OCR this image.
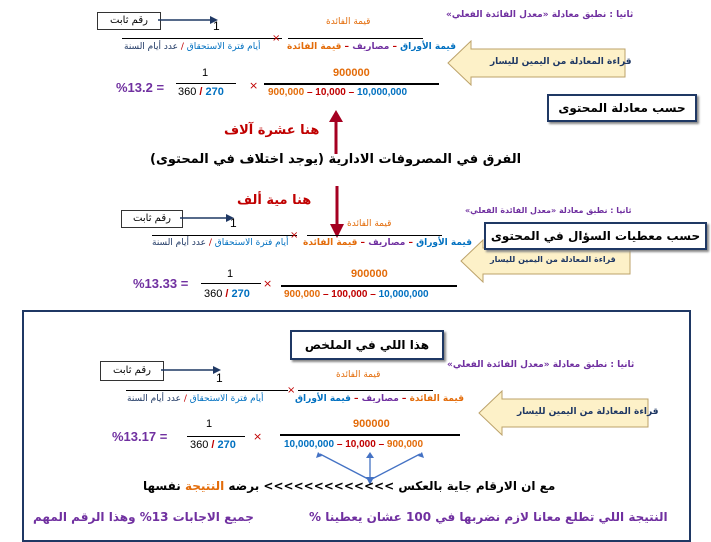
ثانيا : نطبق معادلة «معدل الفائدة الفعلي»
رقم ثابت	1
أيام فترة الاستحقاق / عدد أيام السنة
×
قيمة الفائدة
قيمة الأوراق – مصاريف – قيمة الفائدة
%13.2 =
1
360 / 270 ×
900000
900,000 – 10,000 – 10,000,000
قراءة المعادلة من اليمين لليسار
حسب معادلة المحتوى
هنا عشرة آلاف
الفرق في المصروفات الادارية (يوجد اختلاف في المحتوى)
هنا مية ألف
ثانيا : نطبق معادلة «معدل الفائدة الفعلي»
رقم ثابت	1
أيام فترة الاستحقاق / عدد أيام السنة
×
قيمة الفائدة
قيمة الأوراق – مصاريف – قيمة الفائدة
%13.33 =
1
360 / 270
×
900000
900,000 – 100,000 – 10,000,000
قراءة المعادلة من اليمين لليسار
حسب معطيات السؤال في المحتوى
هذا اللي في الملخص
ثانيا : نطبق معادلة «معدل الفائدة الفعلي»
رقم ثابت
1
أيام فترة الاستحقاق / عدد أيام السنة
×
قيمة الفائدة
قيمة الفائدة – مصاريف – قيمة الأوراق
%13.17 =
1
360 / 270
×
900000
10,000,000 – 10,000 – 900,000
قراءة المعادلة من اليمين لليسار
مع ان الارقام جاية بالعكس >>>>>>>>>>>>> برضه النتيجة نفسها
النتيجة اللي تطلع معانا لازم نضربها في 100 عشان يعطينا %
جميع الاجابات 13% وهذا الرقم المهم
